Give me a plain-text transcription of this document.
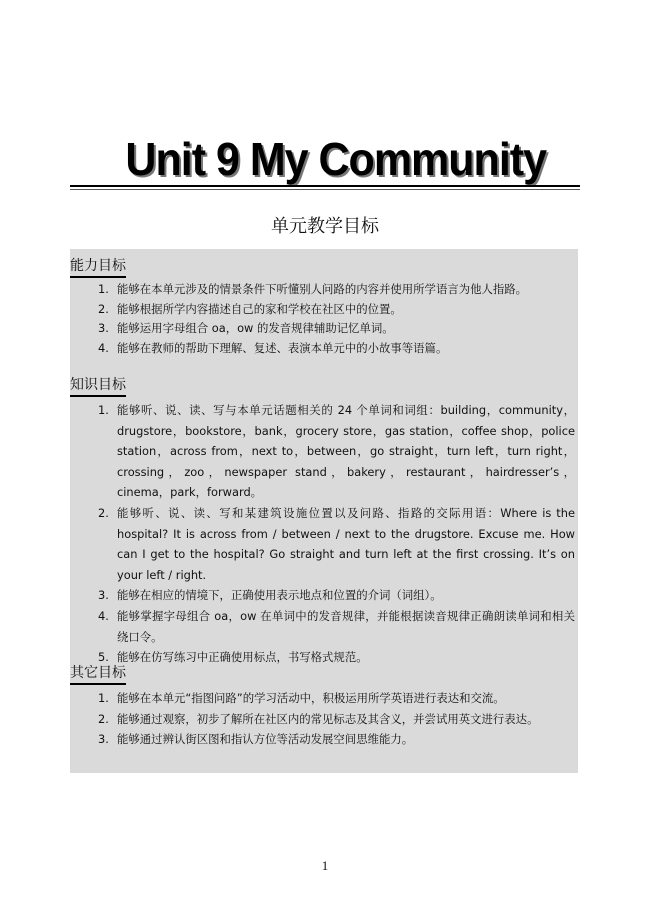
Unit 9 My Community
单元教学目标
能力目标
1. 能够在本单元涉及的情景条件下听懂别人问路的内容并使用所学语言为他人指路。
2. 能够根据所学内容描述自己的家和学校在社区中的位置。
3. 能够运用字母组合 oa，ow 的发音规律辅助记忆单词。
4. 能够在教师的帮助下理解、复述、表演本单元中的小故事等语篇。
知识目标
1. 能够听、说、读、写与本单元话题相关的 24 个单词和词组：building，community，drugstore，bookstore，bank，grocery store，gas station，coffee shop，police station，across from，next to，between，go straight，turn left，turn right，crossing，zoo，newspaper stand，bakery，restaurant，hairdresser’s，cinema，park，forward。
2. 能够听、说、读、写和某建筑设施位置以及问路、指路的交际用语：Where is the hospital? It is across from / between / next to the drugstore. Excuse me. How can I get to the hospital? Go straight and turn left at the first crossing. It’s on your left / right.
3. 能够在相应的情境下，正确使用表示地点和位置的介词（词组）。
4. 能够掌握字母组合 oa，ow 在单词中的发音规律，并能根据读音规律正确朗读单词和相关绕口令。
5. 能够在仿写练习中正确使用标点，书写格式规范。
其它目标
1. 能够在本单元“指图问路”的学习活动中，积极运用所学英语进行表达和交流。
2. 能够通过观察，初步了解所在社区内的常见标志及其含义，并尝试用英文进行表达。
3. 能够通过辨认街区图和指认方位等活动发展空间思维能力。
1
